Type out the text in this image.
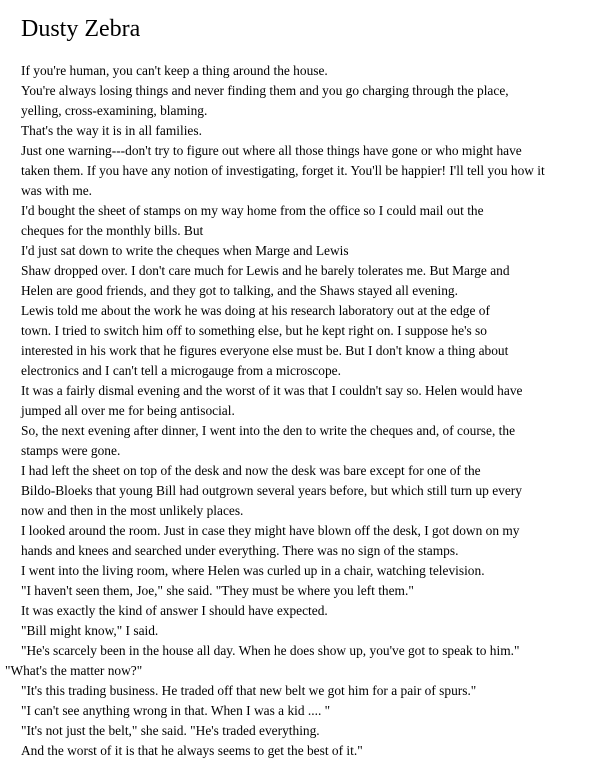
Dusty Zebra

If you're human, you can't keep a thing around the house.

You're always losing things and never finding them and you go charging through the place,
yelling, cross-examining, blaming.

That's the way it is in all families.

Just one warning---don't try to figure out where all those things have gone or who might have
taken them. If you have any notion of investigating, forget it. You'll be happier! I'll tell you how it
was with me.

I'd bought the sheet of stamps on my way home from the office so I could mail out the
cheques for the monthly bills. But

I'd just sat down to write the cheques when Marge and Lewis

Shaw dropped over. I don't care much for Lewis and he barely tolerates me. But Marge and
Helen are good friends, and they got to talking, and the Shaws stayed all evening.

Lewis told me about the work he was doing at his research laboratory out at the edge of
town. I tried to switch him off to something else, but he kept right on. I suppose he's so
interested in his work that he figures everyone else must be. But I don't know a thing about
electronics and I can't tell a microgauge from a microscope.

It was a fairly dismal evening and the worst of it was that I couldn't say so. Helen would have
jumped all over me for being antisocial.

So, the next evening after dinner, I went into the den to write the cheques and, of course, the
stamps were gone.

I had left the sheet on top of the desk and now the desk was bare except for one of the
Bildo-Bloeks that young Bill had outgrown several years before, but which still turn up every
now and then in the most unlikely places.

I looked around the room. Just in case they might have blown off the desk, I got down on my
hands and knees and searched under everything. There was no sign of the stamps.

I went into the living room, where Helen was curled up in a chair, watching television.

"I haven't seen them, Joe," she said. "They must be where you left them."

It was exactly the kind of answer I should have expected.

"Bill might know," I said.

"He's scarcely been in the house all day. When he does show up, you've got to speak to him."

"What's the matter now?"

"It's this trading business. He traded off that new belt we got him for a pair of spurs."

"I can't see anything wrong in that. When I was a kid .... "

"It's not just the belt," she said. "He's traded everything.

And the worst of it is that he always seems to get the best of it."
